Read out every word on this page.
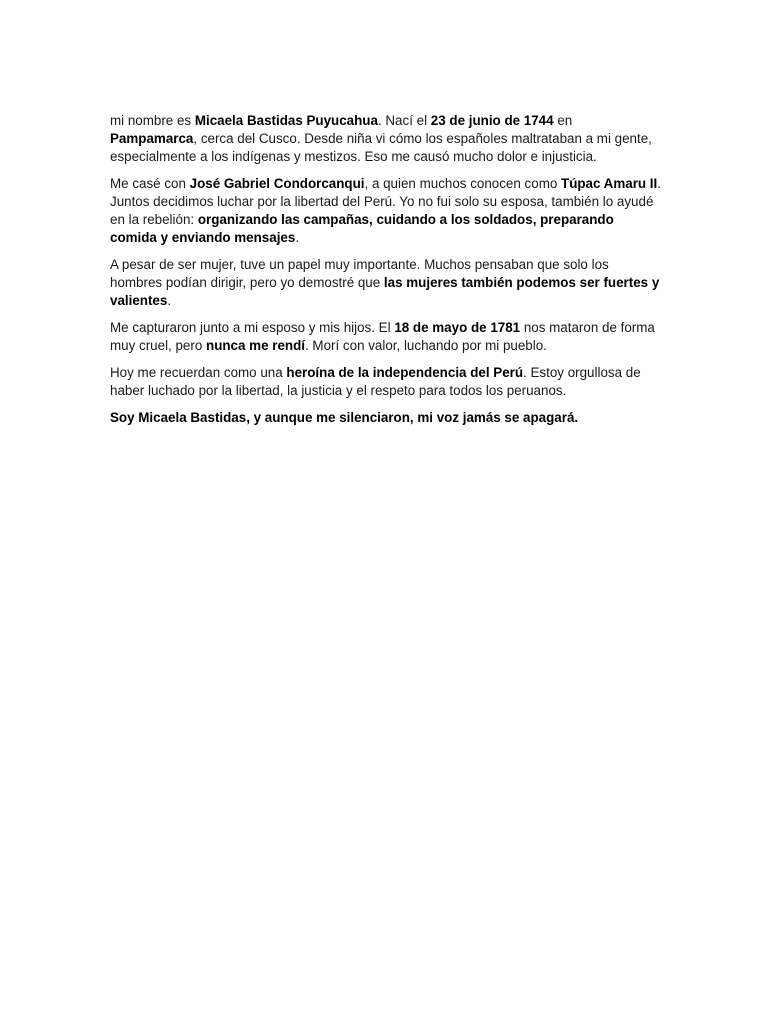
mi nombre es Micaela Bastidas Puyucahua. Nací el 23 de junio de 1744 en Pampamarca, cerca del Cusco. Desde niña vi cómo los españoles maltrataban a mi gente, especialmente a los indígenas y mestizos. Eso me causó mucho dolor e injusticia.

Me casé con José Gabriel Condorcanqui, a quien muchos conocen como Túpac Amaru II. Juntos decidimos luchar por la libertad del Perú. Yo no fui solo su esposa, también lo ayudé en la rebelión: organizando las campañas, cuidando a los soldados, preparando comida y enviando mensajes.

A pesar de ser mujer, tuve un papel muy importante. Muchos pensaban que solo los hombres podían dirigir, pero yo demostré que las mujeres también podemos ser fuertes y valientes.

Me capturaron junto a mi esposo y mis hijos. El 18 de mayo de 1781 nos mataron de forma muy cruel, pero nunca me rendí. Morí con valor, luchando por mi pueblo.

Hoy me recuerdan como una heroína de la independencia del Perú. Estoy orgullosa de haber luchado por la libertad, la justicia y el respeto para todos los peruanos.

Soy Micaela Bastidas, y aunque me silenciaron, mi voz jamás se apagará.
